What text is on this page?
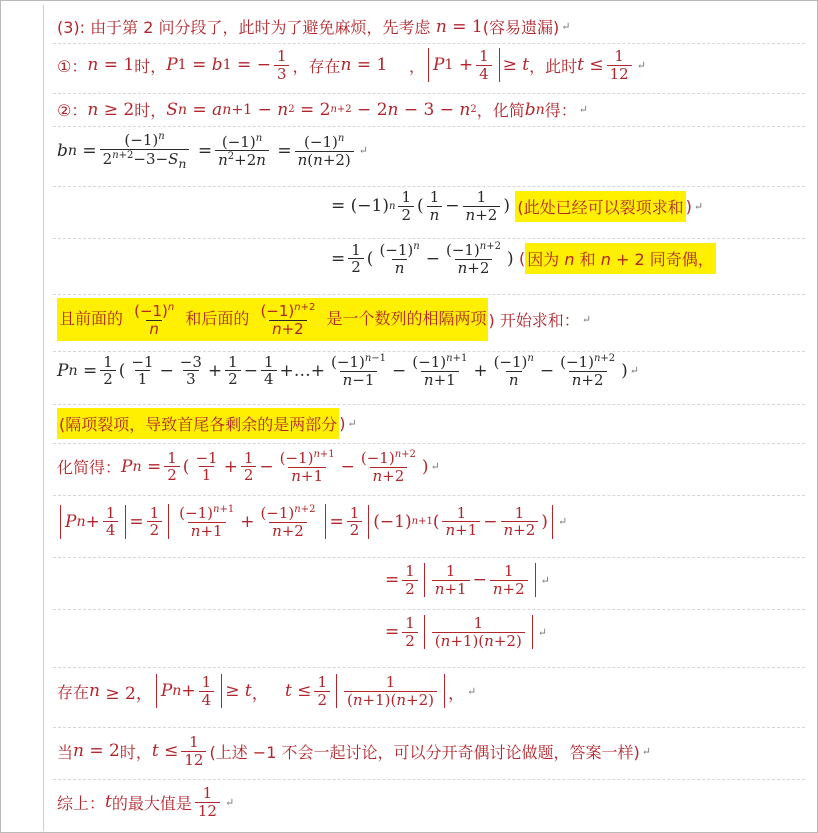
(3): 由于第 2 问分段了，此时为了避免麻烦，先考虑 n = 1 (容易遗漏) ↵
①： n = 1 时， P 1 = b 1 = − 1
3 ，存在 n = 1 ， P 1 + 1
4 ≥ t ，此时 t ≤ 1
12 ↵
②： n ≥ 2 时， S n = a n+1 − n 2 = 2 n+2 − 2 n − 3 − n 2 ，化简 b n 得： ↵
b n =
$(-1)^n$
$2^{n+2}-3-S_n$
= $(-1)^n$
$n^2+2n = (-1)^n$
n(n+2) ↵
= (−1) n 1
2 ( 1
n − 1
n+2 ) (此处已经可以裂项求和 ) ↵
= 1
2 ( $(-1)^n$
$n - (-1)^{n+2}$
n+2 ) ( 因为 n 和 n + 2 同奇偶，
且前面的 $\frac{(-1)^n}{n}$ 和后面的 $\frac{(-1)^{n+2}}{n+2}$ 是一个数列的相隔两项 ) 开始求和： ↵
P n = 1
2 ( −1
1 − −3
3 + 1
2 − 1
4 +…+ $(-1)^{n-1}$
$n-1 - (-1)^{n+1}$
$n+1 + (-1)^n$
$n - (-1)^{n+2}$
n+2 ) ↵
(隔项裂项，导致首尾各剩余的是两部分 ) ↵
化简得： P n = 1
2 ( −1
1 + 1
$2 - (-1)^{n+1}$
$n+1 - (-1)^{n+2}$
n+2 ) ↵
P n + 1
4 = 1
2
$(-1)^{n+1}$
$n+1 + (-1)^{n+2}$
n+2 = 1
2 (−1) n+1 ( 1
n+1 − 1
n+2 ) ↵
= 1
2
1
n+1 − 1
n+2 ↵
= 1
2
1
(n+1)(n+2) ↵
存在 n ≥ 2， P n + 1
4 ≥ t ， t ≤ 1
2
1
(n+1)(n+2) ， ↵
当 n = 2 时， t ≤ 1
12 (上述 −1 不会一起讨论，可以分开奇偶讨论做题，答案一样) ↵
综上： t 的最大值是
1
12 ↵
